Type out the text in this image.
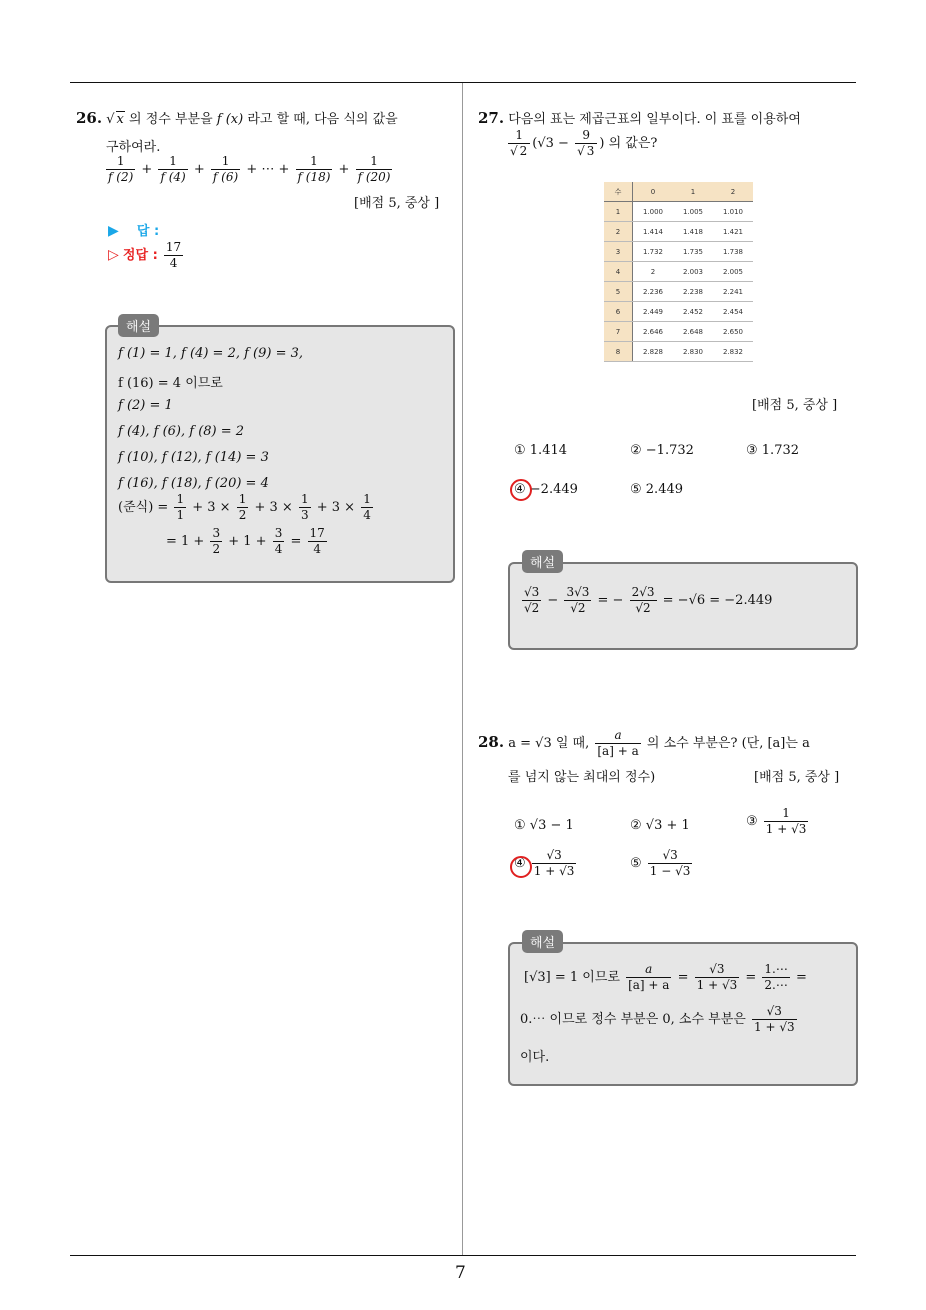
7
26. √ x 의 정수 부분을 f (x) 라고 할 때, 다음 식의 값을
구하여라.
$\frac{1}{f (2)} + \frac{1}{f (4)} + \frac{1}{f (6)}$ + ⋯ + $\frac{1}{f (18)} + \frac{1}{f (20)}$
[배점 5, 중상 ]
▶ 답 :
▷ 정답 : $\frac{17}{4}$
해설
f (1) = 1, f (4) = 2, f (9) = 3,
f (16) = 4 이므로
f (2) = 1
f (4), f (6), f (8) = 2
f (10), f (12), f (14) = 3
f (16), f (18), f (20) = 4
(준식) = $\frac{1}{1} + 3 \times \frac{1}{2} + 3 \times \frac{1}{3} + 3 \times \frac{1}{4}$
= $1 + \frac{3}{2} + 1 + \frac{3}{4} = \frac{17}{4}$
27. 다음의 표는 제곱근표의 일부이다. 이 표를 이용하여
$\frac{1}{√ 2} (√3 - \frac{9}{√ 3}$ ) 의 값은?
수	0	1	2
1	1.000	1.005	1.010
2	1.414	1.418	1.421
3	1.732	1.735	1.738
4	2	2.003	2.005
5	2.236	2.238	2.241
6	2.449	2.452	2.454
7	2.646	2.648	2.650
8	2.828	2.830	2.832
[배점 5, 중상 ]
① 1.414	② −1.732	③ 1.732
④ −2.449	⑤ 2.449
해설
$\frac{√3}{√2} - \frac{3√3}{√2}$ = − $\frac{2√3}{√2} = -√6 = -2.449$
28. a = √3 일 때, $\frac{a}{[a] + a}$ 의 소수 부분은? (단, [a]는 a
를 넘지 않는 최대의 정수)	[배점 5, 중상 ]
① √3 − 1	② √3 + 1	③ $\frac{1}{1 + √3}$
④ $\frac{√3}{1 + √3}$	⑤ $\frac{√3}{1 - √3}$
해설
[√3] = 1 이므로 $\frac{a}{[a] + a} = \frac{√3}{1 + √3} = \frac{1.\cdots}{2.\cdots}$ =
0.⋯ 이므로 정수 부분은 0, 소수 부분은 $\frac{√3}{1 + √3}$
이다.
